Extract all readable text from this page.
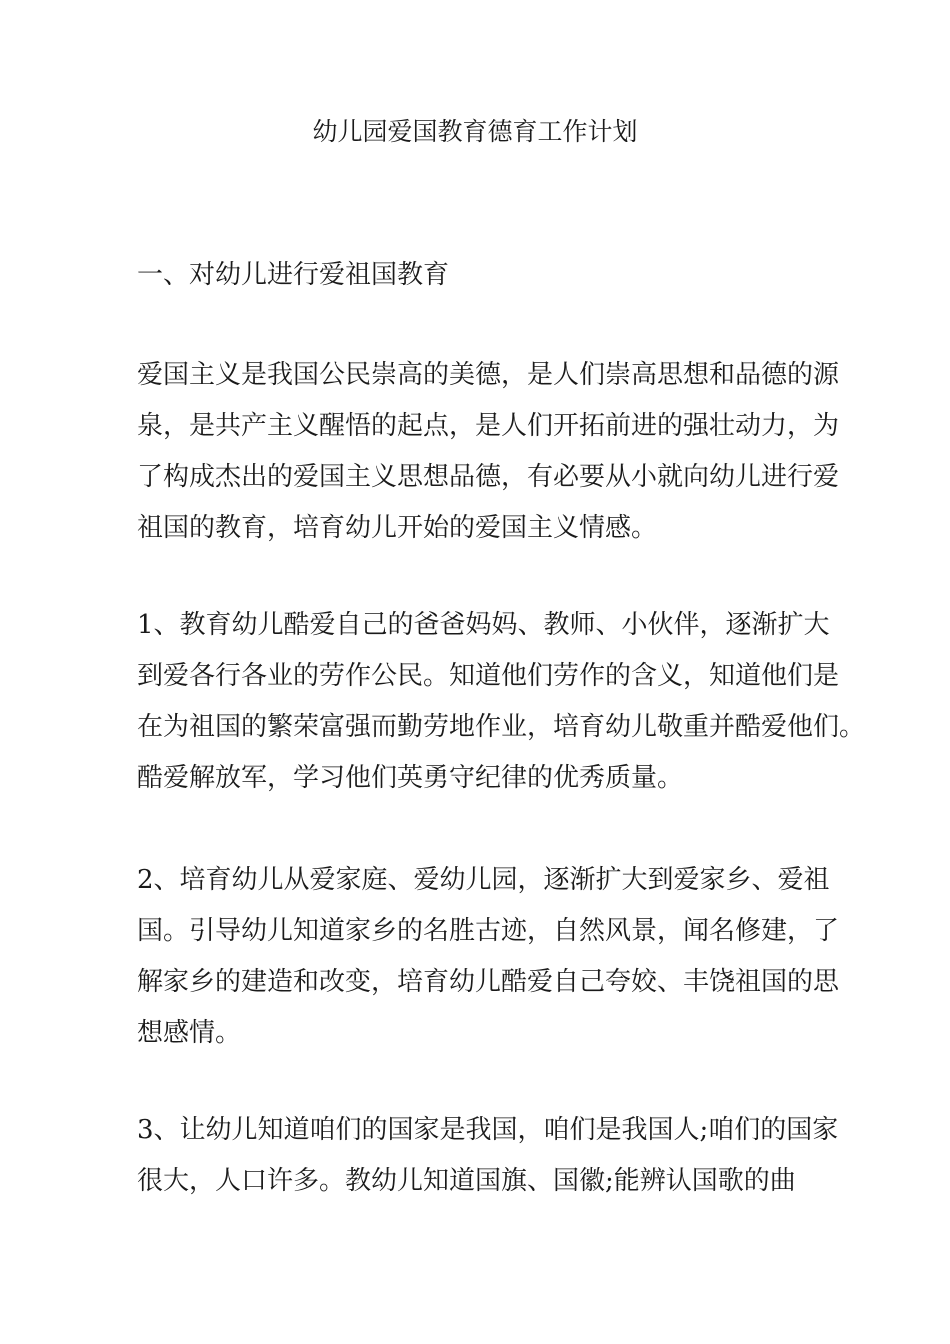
幼儿园爱国教育德育工作计划
一、对幼儿进行爱祖国教育

爱国主义是我国公民崇高的美德，是人们崇高思想和品德的源
泉，是共产主义醒悟的起点，是人们开拓前进的强壮动力，为
了构成杰出的爱国主义思想品德，有必要从小就向幼儿进行爱
祖国的教育，培育幼儿开始的爱国主义情感。

1、教育幼儿酷爱自己的爸爸妈妈、教师、小伙伴，逐渐扩大
到爱各行各业的劳作公民。知道他们劳作的含义，知道他们是
在为祖国的繁荣富强而勤劳地作业，培育幼儿敬重并酷爱他们。
酷爱解放军，学习他们英勇守纪律的优秀质量。

2、培育幼儿从爱家庭、爱幼儿园，逐渐扩大到爱家乡、爱祖
国。引导幼儿知道家乡的名胜古迹，自然风景，闻名修建，了
解家乡的建造和改变，培育幼儿酷爱自己夸姣、丰饶祖国的思
想感情。

3、让幼儿知道咱们的国家是我国，咱们是我国人;咱们的国家
很大，人口许多。教幼儿知道国旗、国徽;能辨认国歌的曲
